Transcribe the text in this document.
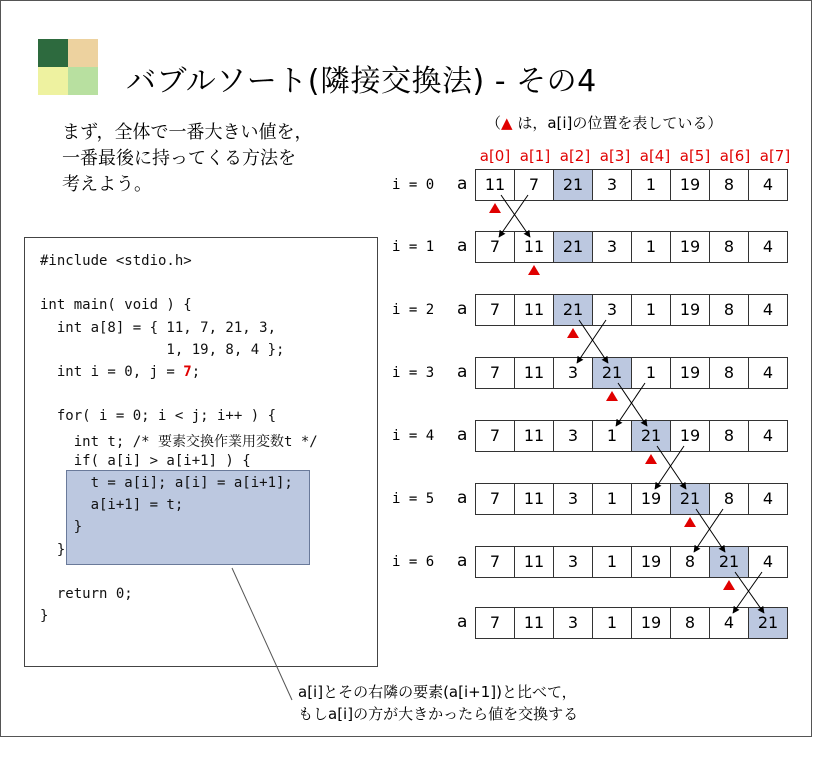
バブルソート(隣接交換法) - その4
まず，全体で一番大きい値を，
一番最後に持ってくる方法を
考えよう。
（▲ は，a[i]の位置を表している）
#include <stdio.h>
int main( void ) {
int a[8] = { 11, 7, 21, 3,
1, 19, 8, 4 };
int i = 0, j = 7;
for( i = 0; i < j; i++ ) {
int t; /* 要素交換作業用変数t */
if( a[i] > a[i+1] ) {
t = a[i]; a[i] = a[i+1];
a[i+1] = t;
}
}
return 0;
}
a[i]とその右隣の要素(a[i+1])と比べて，
もしa[i]の方が大きかったら値を交換する
a[0] a[1] a[2] a[3] a[4] a[5] a[6] a[7]
i = 0 a	11	7	21	3	1	19	8	4
i = 1 a	7	11	21	3	1	19	8	4
i = 2 a	7	11	21	3	1	19	8	4
i = 3 a	7	11	3	21	1	19	8	4
i = 4 a	7	11	3	1	21	19	8	4
i = 5 a	7	11	3	1	19	21	8	4
i = 6 a	7	11	3	1	19	8	21	4
a	7	11	3	1	19	8	4	21
